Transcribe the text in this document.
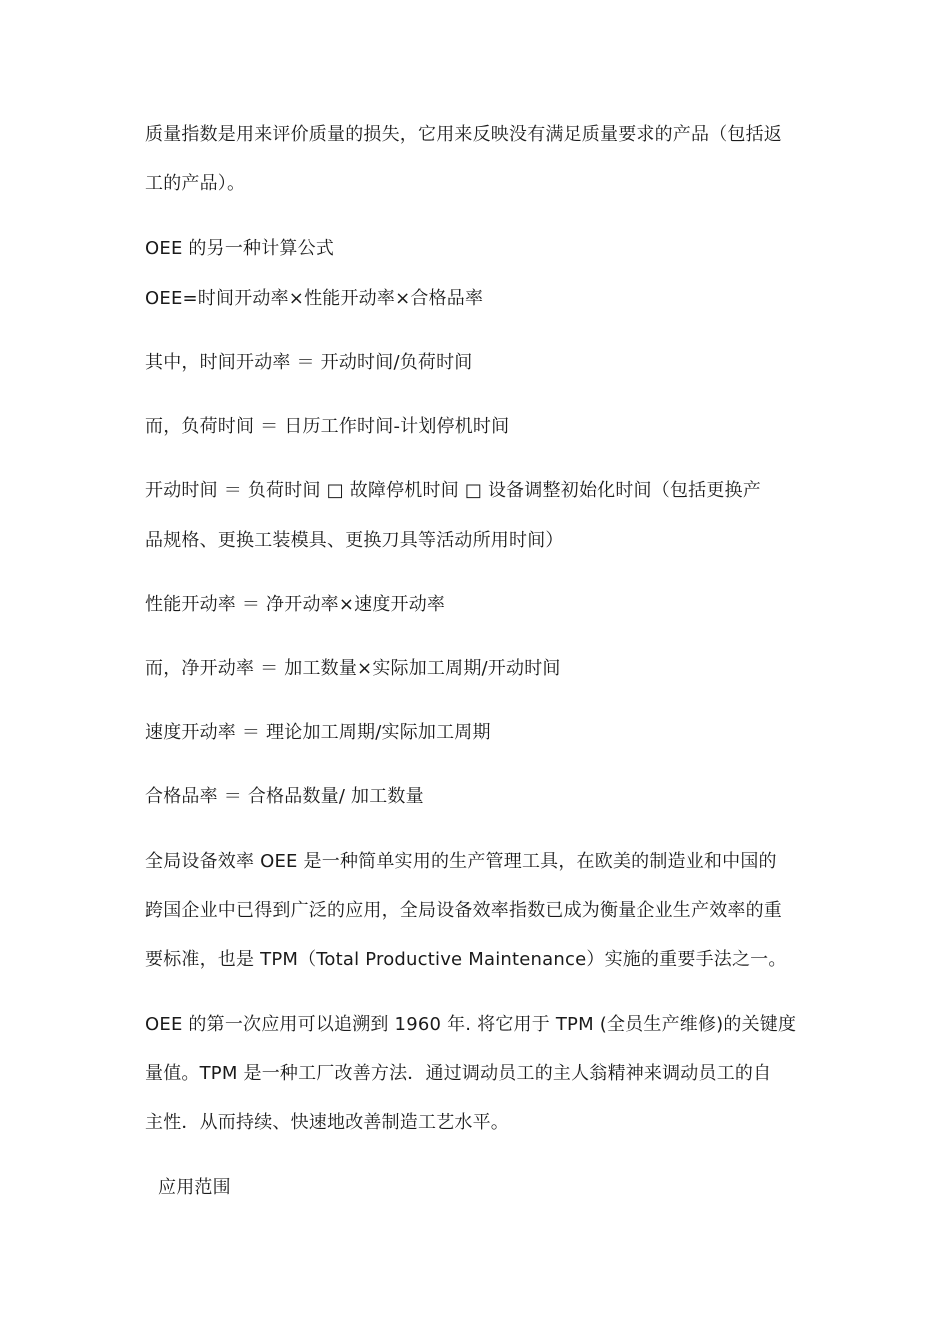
质量指数是用来评价质量的损失，它用来反映没有满足质量要求的产品（包括返
工的产品）。
OEE 的另一种计算公式
OEE=时间开动率×性能开动率×合格品率
其中，时间开动率 ＝ 开动时间/负荷时间
而，负荷时间 ＝ 日历工作时间-计划停机时间
开动时间 ＝ 负荷时间 □ 故障停机时间 □ 设备调整初始化时间（包括更换产
品规格、更换工装模具、更换刀具等活动所用时间）
性能开动率 ＝ 净开动率×速度开动率
而，净开动率 ＝ 加工数量×实际加工周期/开动时间
速度开动率 ＝ 理论加工周期/实际加工周期
合格品率 ＝ 合格品数量/ 加工数量
全局设备效率 OEE 是一种简单实用的生产管理工具，在欧美的制造业和中国的
跨国企业中已得到广泛的应用，全局设备效率指数已成为衡量企业生产效率的重
要标准，也是 TPM（Total Productive Maintenance）实施的重要手法之一。
OEE 的第一次应用可以追溯到 1960 年. 将它用于 TPM (全员生产维修)的关键度
量值。TPM 是一种工厂改善方法．通过调动员工的主人翁精神来调动员工的自
主性．从而持续、快速地改善制造工艺水平。
应用范围
